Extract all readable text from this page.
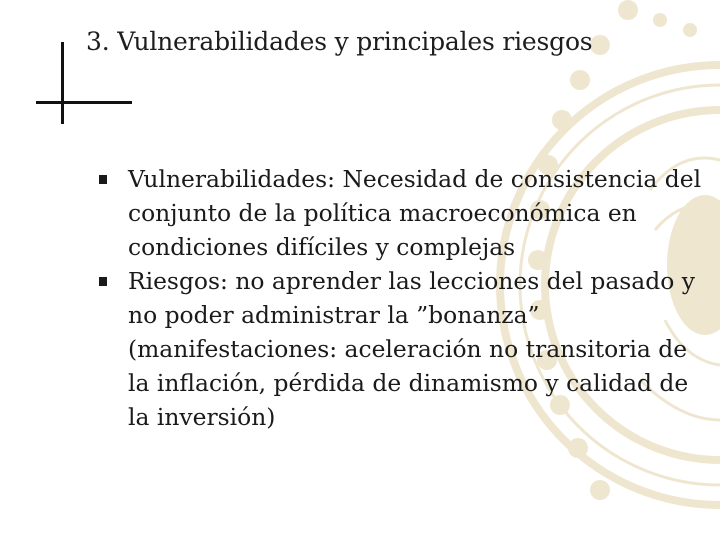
3. Vulnerabilidades y principales riesgos
Vulnerabilidades: Necesidad de consistencia del conjunto de la política macroeconómica en condiciones difíciles y complejas
Riesgos: no aprender las lecciones del pasado y no poder administrar la ”bonanza” (manifestaciones: aceleración no transitoria de la inflación, pérdida de dinamismo y calidad de la inversión)
